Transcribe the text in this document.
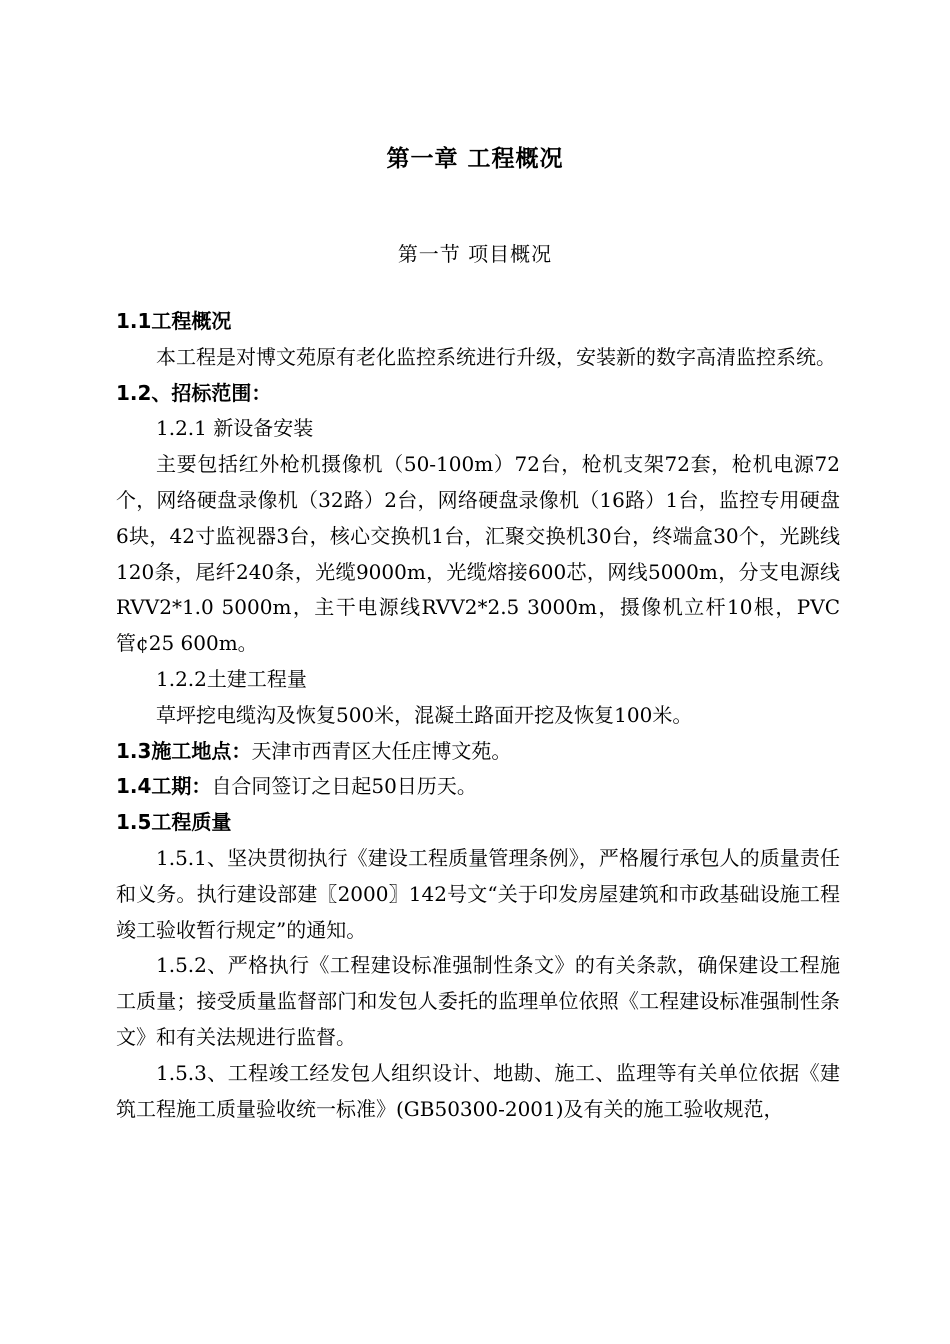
第一章 工程概况
第一节 项目概况

1.1工程概况

本工程是对博文苑原有老化监控系统进行升级，安装新的数字高清监控系统。

1.2、招标范围：

1.2.1 新设备安装

主要包括红外枪机摄像机（50-100m）72台，枪机支架72套，枪机电源72个，网络硬盘录像机（32路）2台，网络硬盘录像机（16路）1台，监控专用硬盘6块，42寸监视器3台，核心交换机1台，汇聚交换机30台，终端盒30个，光跳线120条，尾纤240条，光缆9000m，光缆熔接600芯，网线5000m，分支电源线RVV2*1.0 5000m，主干电源线RVV2*2.5 3000m，摄像机立杆10根，PVC管¢25 600m。

1.2.2土建工程量

草坪挖电缆沟及恢复500米，混凝土路面开挖及恢复100米。

1.3施工地点：天津市西青区大任庄博文苑。

1.4工期：自合同签订之日起50日历天。

1.5工程质量

1.5.1、坚决贯彻执行《建设工程质量管理条例》，严格履行承包人的质量责任和义务。执行建设部建〖2000〗142号文“关于印发房屋建筑和市政基础设施工程竣工验收暂行规定”的通知。

1.5.2、严格执行《工程建设标准强制性条文》的有关条款，确保建设工程施工质量；接受质量监督部门和发包人委托的监理单位依照《工程建设标准强制性条文》和有关法规进行监督。

1.5.3、工程竣工经发包人组织设计、地勘、施工、监理等有关单位依据《建筑工程施工质量验收统一标准》(GB50300-2001)及有关的施工验收规范，
